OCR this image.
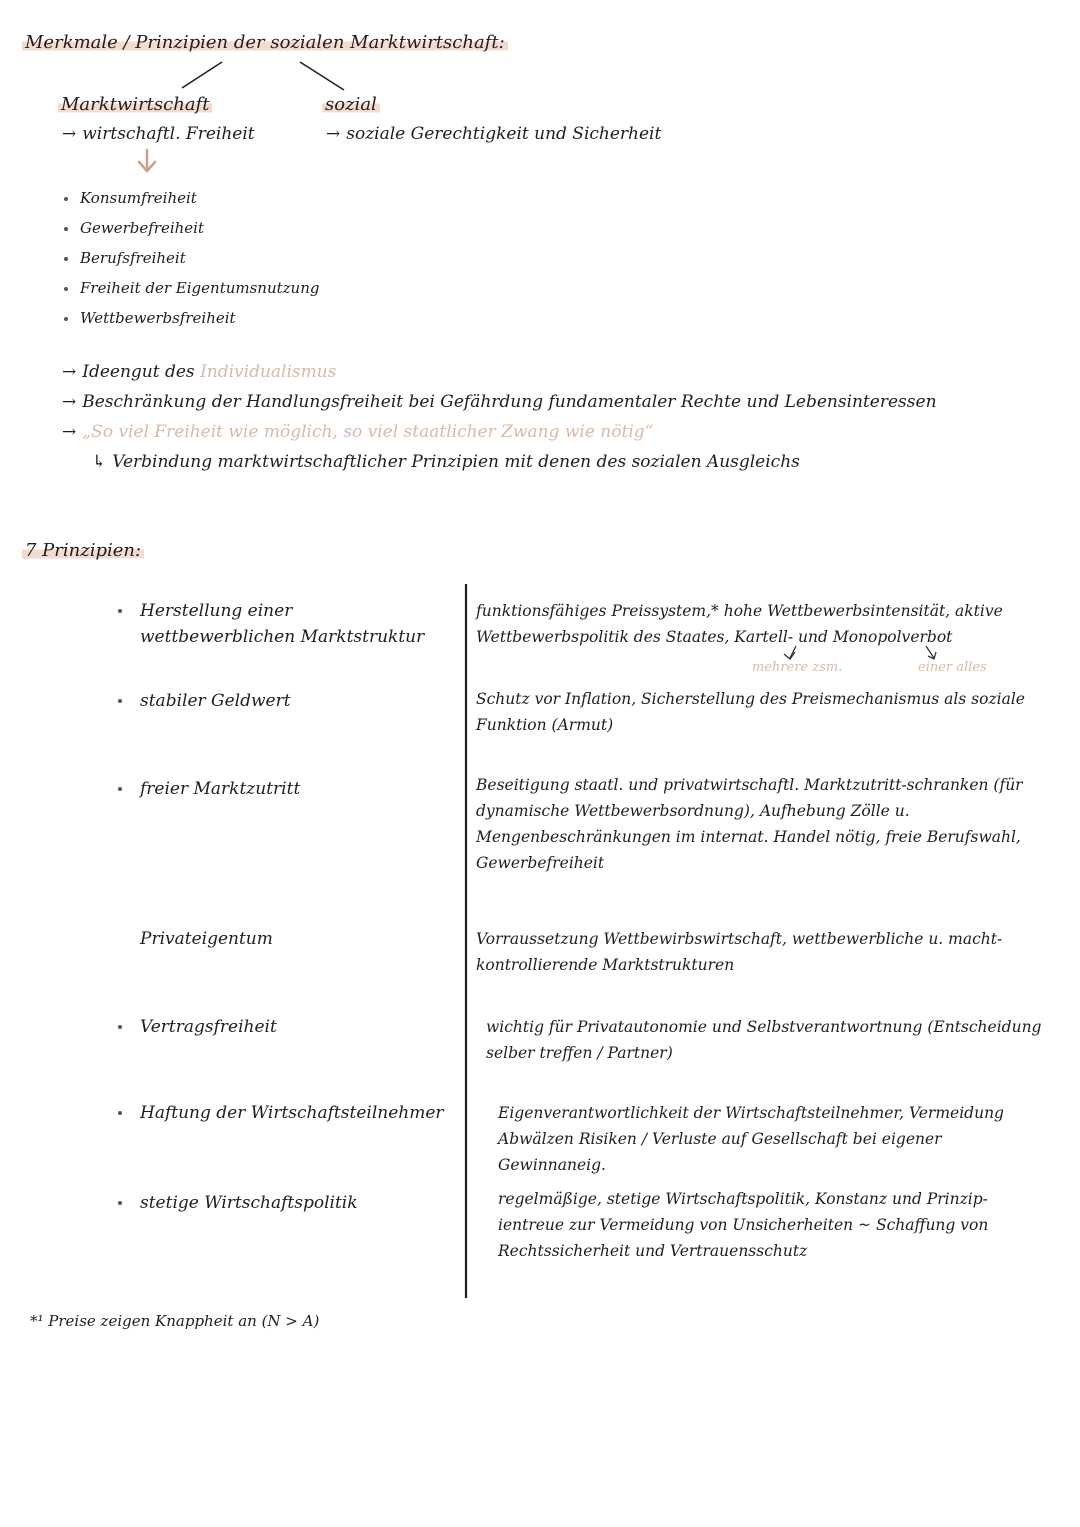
Merkmale / Prinzipien der sozialen Marktwirtschaft:
Marktwirtschaft
→ wirtschaftl. Freiheit
sozial
→ soziale Gerechtigkeit und Sicherheit
Konsumfreiheit
Gewerbefreiheit
Berufsfreiheit
Freiheit der Eigentumsnutzung
Wettbewerbsfreiheit
→ Ideengut des Individualismus
→ Beschränkung der Handlungsfreiheit bei Gefährdung fundamentaler Rechte und Lebensinteressen
→ „So viel Freiheit wie möglich, so viel staatlicher Zwang wie nötig“
↳ Verbindung marktwirtschaftlicher Prinzipien mit denen des sozialen Ausgleichs
7 Prinzipien:
Herstellung einer wettbewerblichen Marktstruktur
stabiler Geldwert
freier Marktzutritt
Privateigentum
Vertragsfreiheit
Haftung der Wirtschaftsteilnehmer
stetige Wirtschaftspolitik
funktionsfähiges Preissystem,* hohe Wettbewerbsintensität, aktive Wettbewerbspolitik des Staates, Kartell- und Monopolverbot
mehrere zsm.	einer alles
Schutz vor Inflation, Sicherstellung des Preismechanismus als soziale Funktion (Armut)
Beseitigung staatl. und privatwirtschaftl. Marktzutritt-schranken (für dynamische Wettbewerbsordnung), Aufhebung Zölle u. Mengenbeschränkungen im internat. Handel nötig, freie Berufswahl, Gewerbefreiheit
Vorraussetzung Wettbewirbswirtschaft, wettbewerbliche u. macht-kontrollierende Marktstrukturen
wichtig für Privatautonomie und Selbstverantwortnung (Entscheidung selber treffen / Partner)
Eigenverantwortlichkeit der Wirtschaftsteilnehmer, Vermeidung Abwälzen Risiken / Verluste auf Gesellschaft bei eigener Gewinnaneig.
regelmäßige, stetige Wirtschaftspolitik, Konstanz und Prinzip-ientreue zur Vermeidung von Unsicherheiten ~ Schaffung von Rechtssicherheit und Vertrauensschutz
*¹ Preise zeigen Knappheit an (N > A)
